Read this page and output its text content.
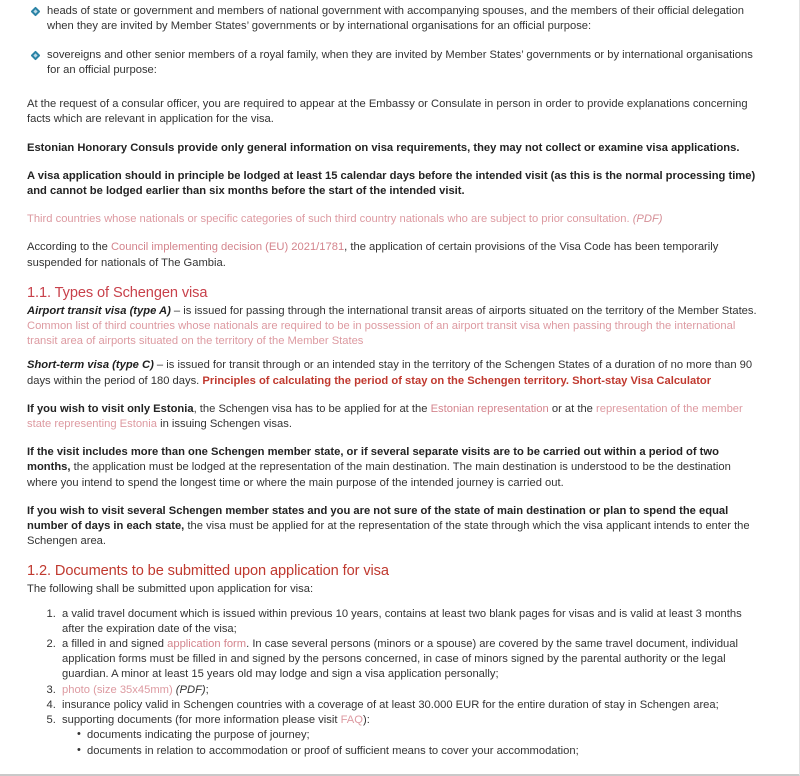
heads of state or government and members of national government with accompanying spouses, and the members of their official delegation when they are invited by Member States’ governments or by international organisations for an official purpose:
sovereigns and other senior members of a royal family, when they are invited by Member States’ governments or by international organisations for an official purpose:

At the request of a consular officer, you are required to appear at the Embassy or Consulate in person in order to provide explanations concerning facts which are relevant in application for the visa.

Estonian Honorary Consuls provide only general information on visa requirements, they may not collect or examine visa applications.

A visa application should in principle be lodged at least 15 calendar days before the intended visit (as this is the normal processing time) and cannot be lodged earlier than six months before the start of the intended visit.

Third countries whose nationals or specific categories of such third country nationals who are subject to prior consultation. (PDF)

According to the Council implementing decision (EU) 2021/1781, the application of certain provisions of the Visa Code has been temporarily suspended for nationals of The Gambia.

1.1. Types of Schengen visa

Airport transit visa (type A) – is issued for passing through the international transit areas of airports situated on the territory of the Member States.

Common list of third countries whose nationals are required to be in possession of an airport transit visa when passing through the international transit area of airports situated on the territory of the Member States

Short-term visa (type C) – is issued for transit through or an intended stay in the territory of the Schengen States of a duration of no more than 90 days within the period of 180 days. Principles of calculating the period of stay on the Schengen territory. Short-stay Visa Calculator

If you wish to visit only Estonia, the Schengen visa has to be applied for at the Estonian representation or at the representation of the member state representing Estonia in issuing Schengen visas.

If the visit includes more than one Schengen member state, or if several separate visits are to be carried out within a period of two months, the application must be lodged at the representation of the main destination. The main destination is understood to be the destination where you intend to spend the longest time or where the main purpose of the intended journey is carried out.

If you wish to visit several Schengen member states and you are not sure of the state of main destination or plan to spend the equal number of days in each state, the visa must be applied for at the representation of the state through which the visa applicant intends to enter the Schengen area.

1.2. Documents to be submitted upon application for visa

The following shall be submitted upon application for visa:

1. a valid travel document which is issued within previous 10 years, contains at least two blank pages for visas and is valid at least 3 months after the expiration date of the visa;
2. a filled in and signed application form. In case several persons (minors or a spouse) are covered by the same travel document, individual application forms must be filled in and signed by the persons concerned, in case of minors signed by the parental authority or the legal guardian. A minor at least 15 years old may lodge and sign a visa application personally;
3. photo (size 35x45mm) (PDF);
4. insurance policy valid in Schengen countries with a coverage of at least 30.000 EUR for the entire duration of stay in Schengen area;
5. supporting documents (for more information please visit FAQ):
• documents indicating the purpose of journey;
• documents in relation to accommodation or proof of sufficient means to cover your accommodation;
